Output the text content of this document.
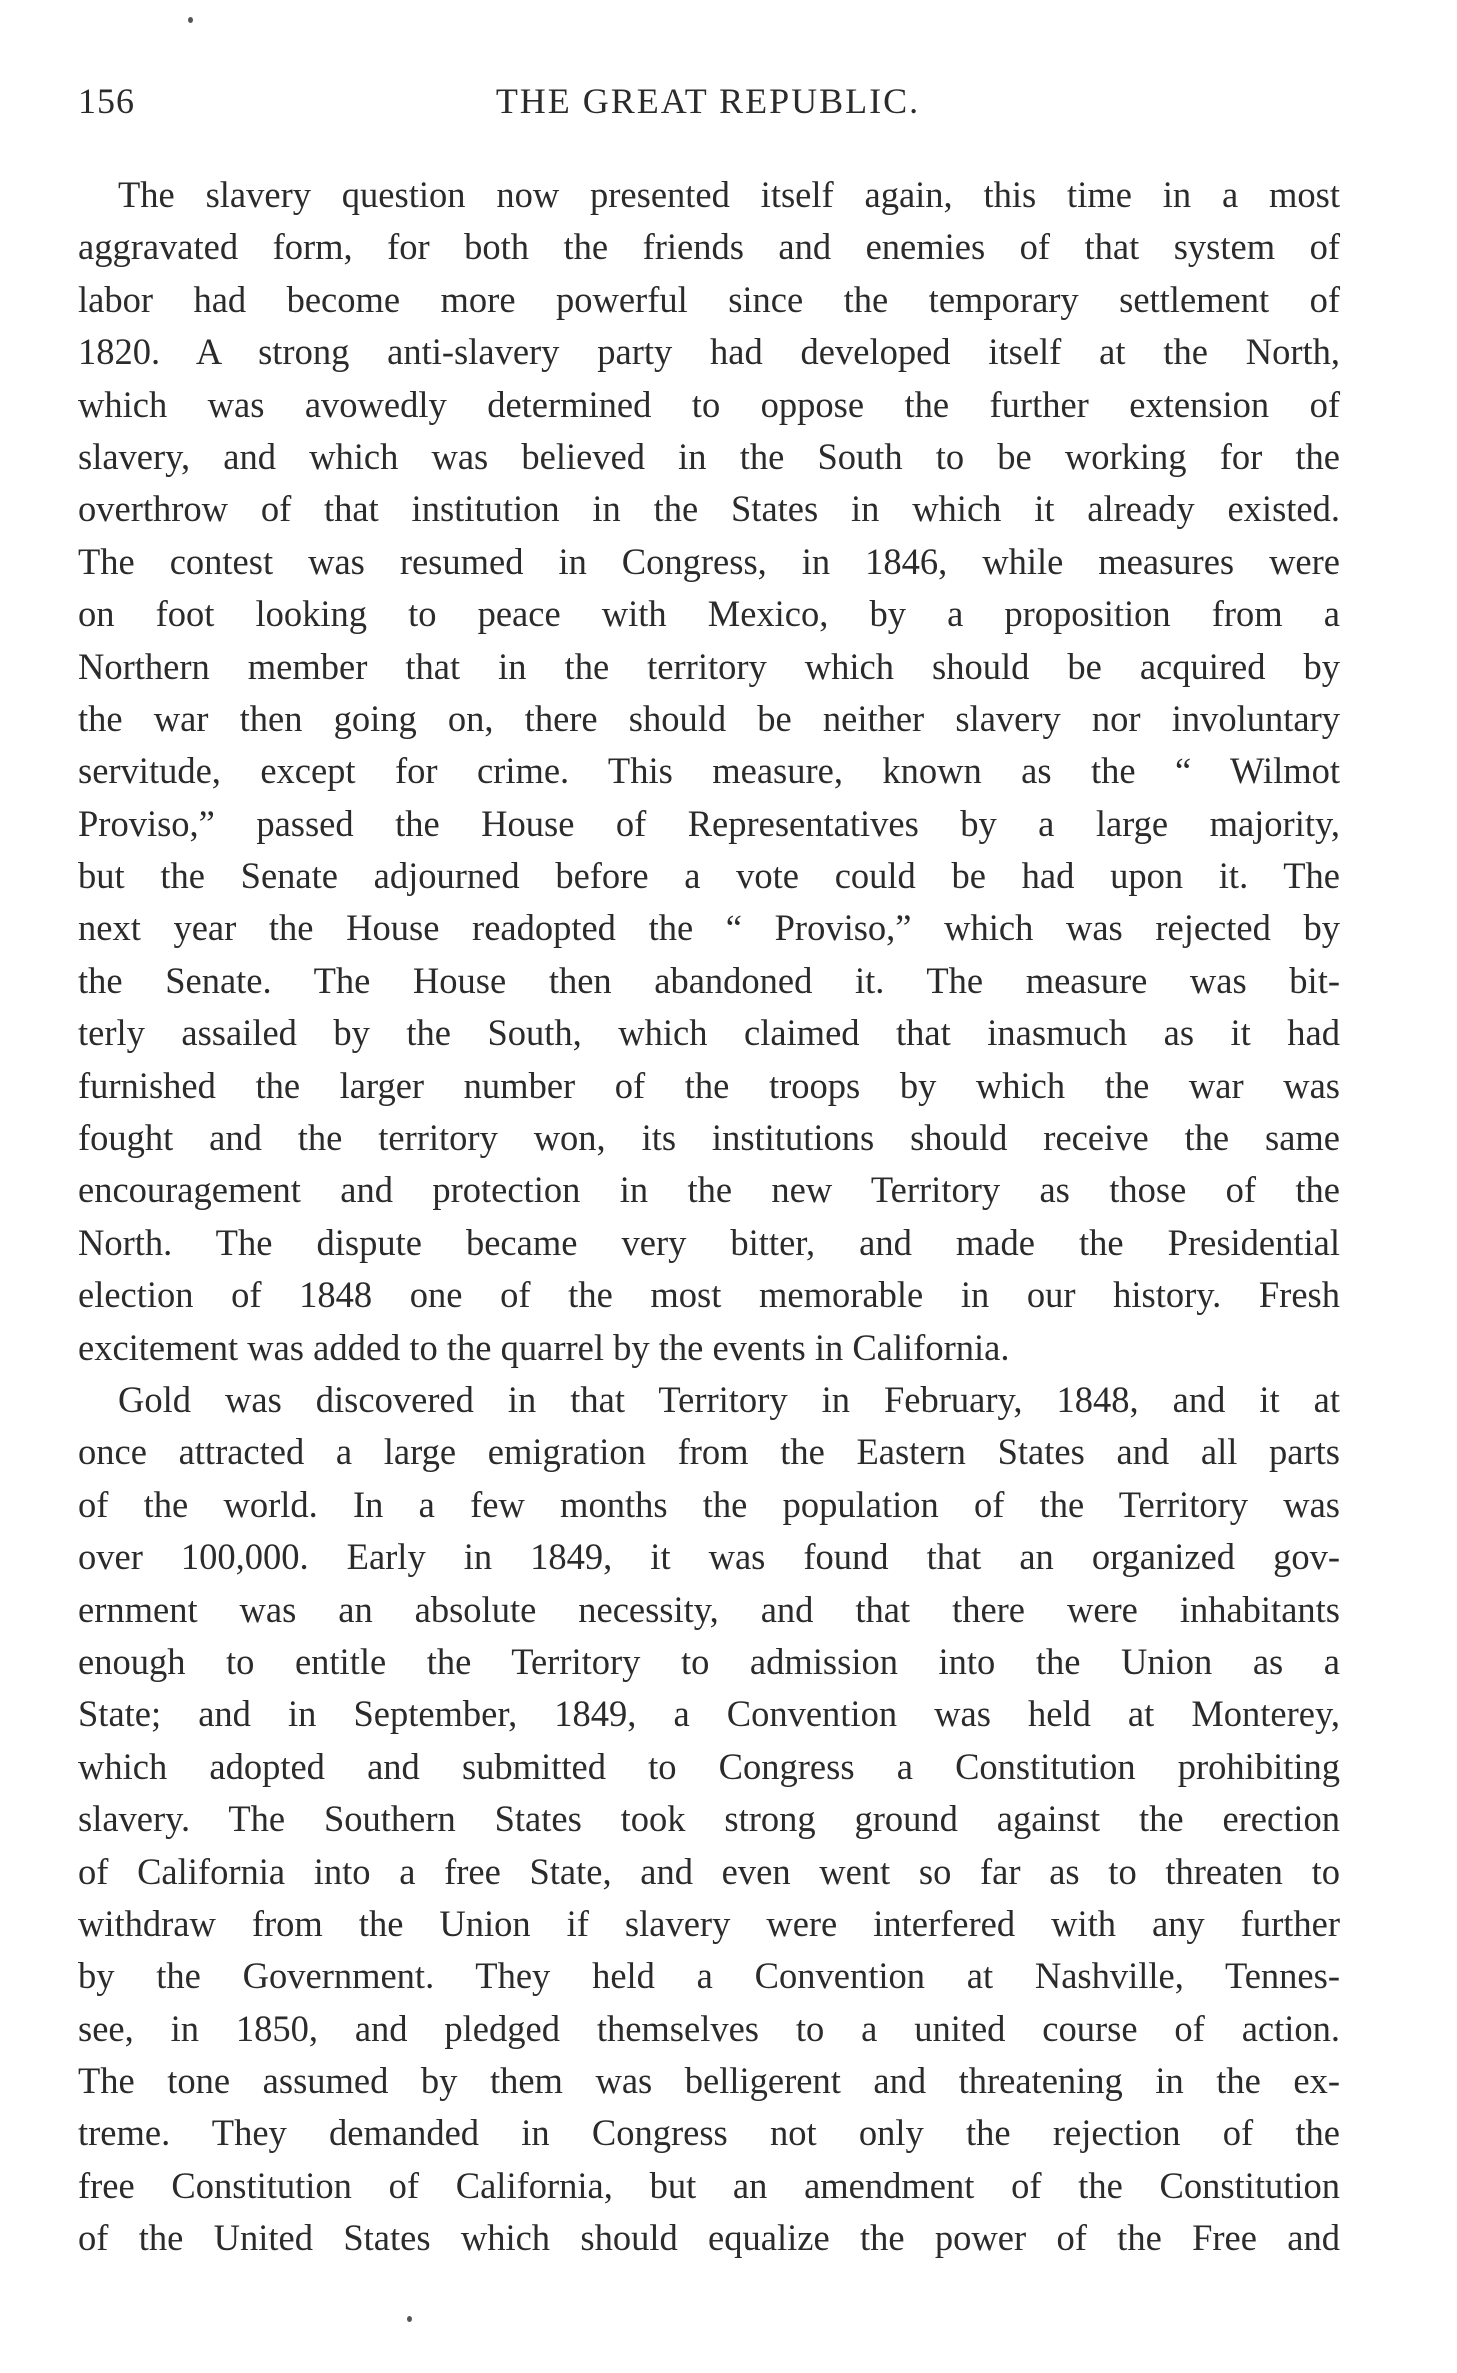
156	THE GREAT REPUBLIC.
The slavery question now presented itself again, this time in a most
aggravated form, for both the friends and enemies of that system of
labor had become more powerful since the temporary settlement of
1820. A strong anti-slavery party had developed itself at the North,
which was avowedly determined to oppose the further extension of
slavery, and which was believed in the South to be working for the
overthrow of that institution in the States in which it already existed.
The contest was resumed in Congress, in 1846, while measures were
on foot looking to peace with Mexico, by a proposition from a
Northern member that in the territory which should be acquired by
the war then going on, there should be neither slavery nor involuntary
servitude, except for crime. This measure, known as the “ Wilmot
Proviso,” passed the House of Representatives by a large majority,
but the Senate adjourned before a vote could be had upon it. The
next year the House readopted the “ Proviso,” which was rejected by
the Senate. The House then abandoned it. The measure was bit-
terly assailed by the South, which claimed that inasmuch as it had
furnished the larger number of the troops by which the war was
fought and the territory won, its institutions should receive the same
encouragement and protection in the new Territory as those of the
North. The dispute became very bitter, and made the Presidential
election of 1848 one of the most memorable in our history. Fresh
excitement was added to the quarrel by the events in California.
Gold was discovered in that Territory in February, 1848, and it at
once attracted a large emigration from the Eastern States and all parts
of the world. In a few months the population of the Territory was
over 100,000. Early in 1849, it was found that an organized gov-
ernment was an absolute necessity, and that there were inhabitants
enough to entitle the Territory to admission into the Union as a
State; and in September, 1849, a Convention was held at Monterey,
which adopted and submitted to Congress a Constitution prohibiting
slavery. The Southern States took strong ground against the erection
of California into a free State, and even went so far as to threaten to
withdraw from the Union if slavery were interfered with any further
by the Government. They held a Convention at Nashville, Tennes-
see, in 1850, and pledged themselves to a united course of action.
The tone assumed by them was belligerent and threatening in the ex-
treme. They demanded in Congress not only the rejection of the
free Constitution of California, but an amendment of the Constitution
of the United States which should equalize the power of the Free and
